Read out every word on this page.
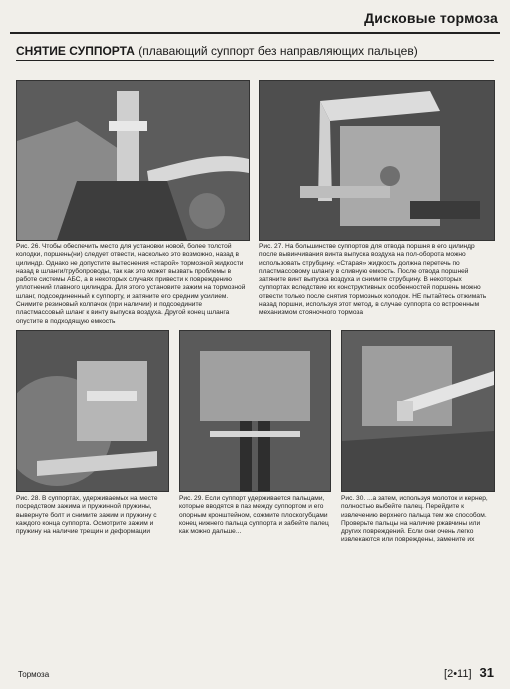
Дисковые тормоза
СНЯТИЕ СУППОРТА (плавающий суппорт без направляющих пальцев)
Рис. 26. Чтобы обеспечить место для установки новой, более толстой колодки, поршень(ни) следует отвести, насколько это возможно, назад в цилиндр. Однако не допустите вытеснения «старой» тормозной жидкости назад в шланги/трубопроводы, так как это может вызвать проблемы в работе системы АБС, а в некоторых случаях привести к повреждению уплотнений главного цилиндра. Для этого установите зажим на тормозной шланг, подсоединенный к суппорту, и затяните его средним усилием. Снимите резиновый колпачок (при наличии) и подсоедините пластмассовый шланг к винту выпуска воздуха. Другой конец шланга опустите в подходящую емкость
Рис. 27. На большинстве суппортов для отвода поршня в его цилиндр после вывинчивания винта выпуска воздуха на пол-оборота можно использовать струбцину. «Старая» жидкость должна перетечь по пластмассовому шлангу в сливную емкость. После отвода поршней затяните винт выпуска воздуха и снимите струбцину. В некоторых суппортах вследствие их конструктивных особенностей поршень можно отвести только после снятия тормозных колодок. НЕ пытайтесь отжимать назад поршни, используя этот метод, в случае суппорта со встроенным механизмом стояночного тормоза
Рис. 28. В суппортах, удерживаемых на месте посредством зажима и пружинной пружины, вывернуте болт и снимите зажим и пружину с каждого конца суппорта. Осмотрите зажим и пружину на наличие трещин и деформации
Рис. 29. Если суппорт удерживается пальцами, которые вводятся в паз между суппортом и его опорным кронштейном, сожмите плоскогубцами конец нижнего пальца суппорта и забейте палец как можно дальше...
Рис. 30. ...а затем, используя молоток и кернер, полностью выбейте палец. Перейдите к извлечению верхнего пальца тем же способом. Проверьте пальцы на наличие ржавчины или других повреждений. Если они очень легко извлекаются или повреждены, замените их
Тормоза	[2•11] 31
